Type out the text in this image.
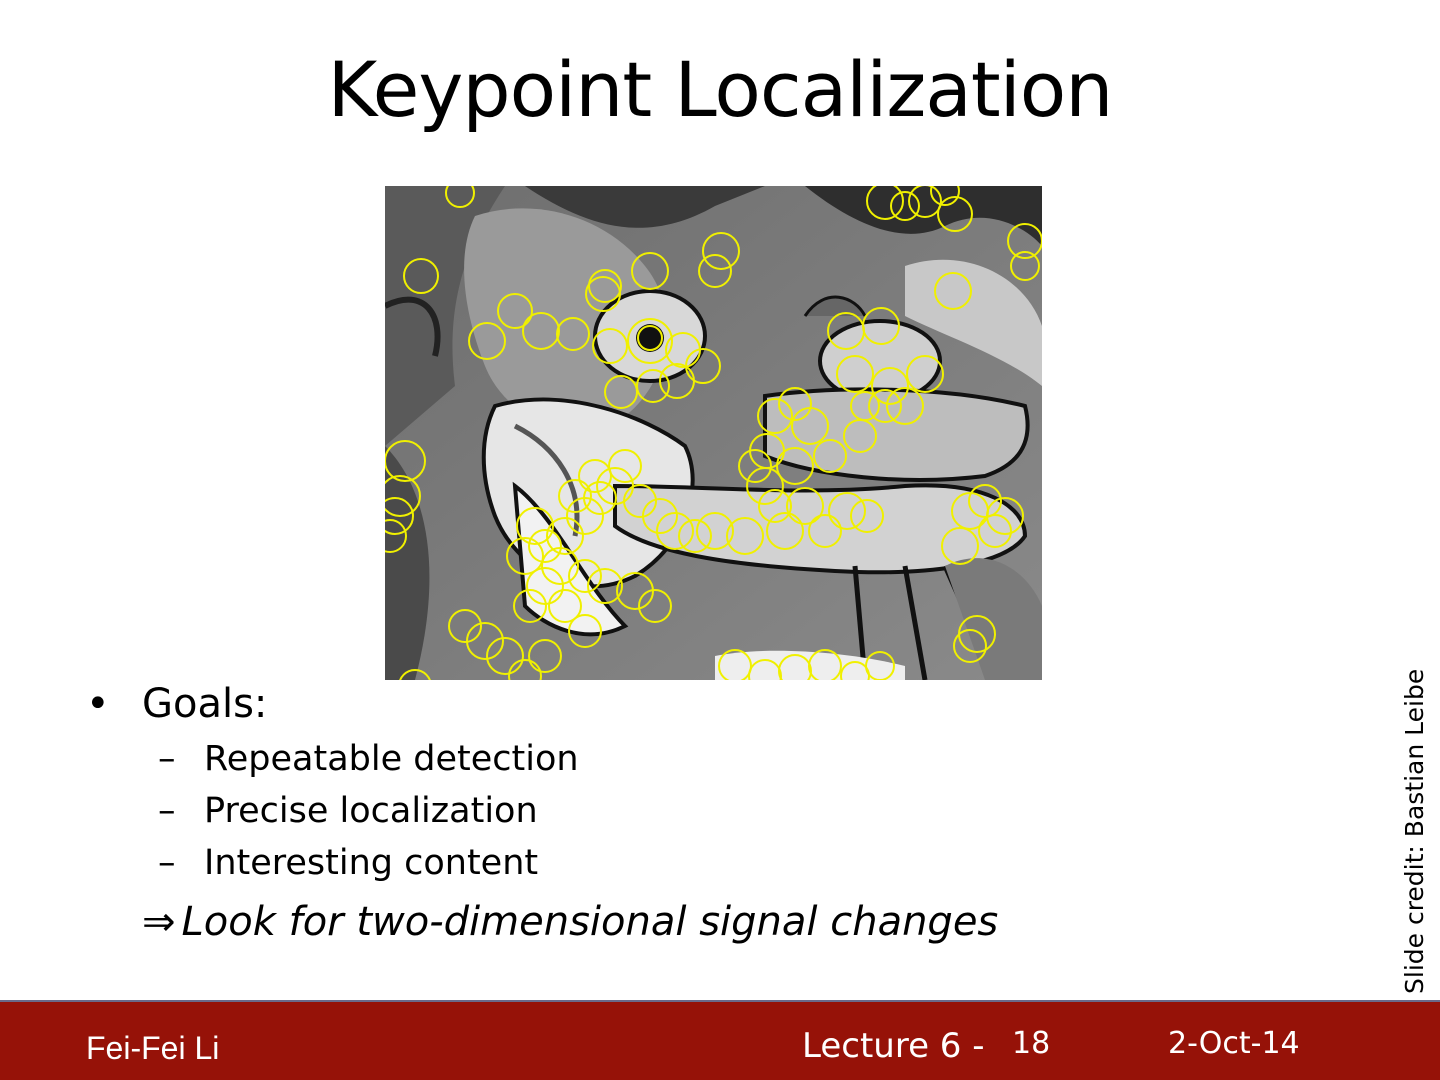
Keypoint Localization
• Goals:
– Repeatable detection
– Precise localization
– Interesting content
⇒ Look for two-dimensional signal changes	Slide credit: Bastian Leibe
Fei-Fei Li	Lecture 6 - 18	2-Oct-14
